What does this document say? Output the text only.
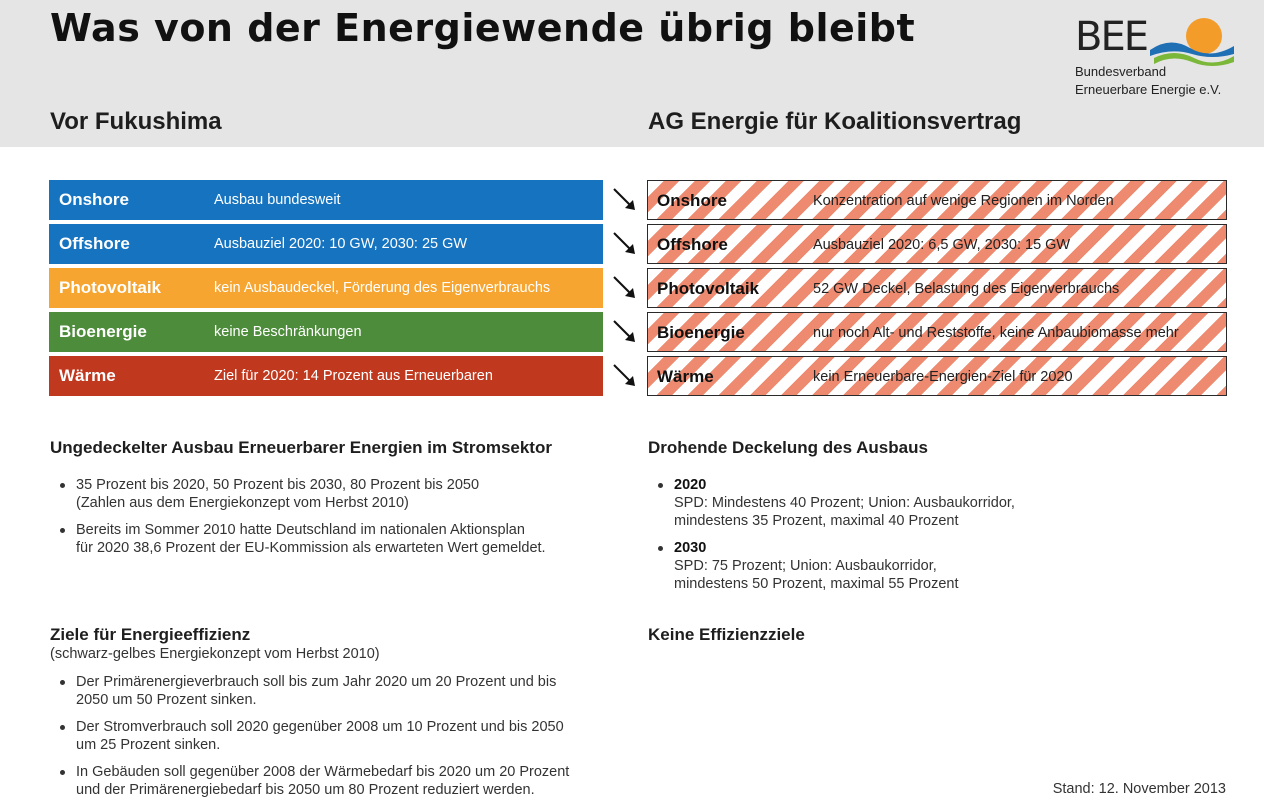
Was von der Energiewende übrig bleibt	BEE
Bundesverband
Erneuerbare Energie e.V.
Vor Fukushima	AG Energie für Koalitionsvertrag
Onshore	Ausbau bundesweit
Offshore	Ausbauziel 2020: 10 GW, 2030: 25 GW
Photovoltaik	kein Ausbaudeckel, Förderung des Eigenverbrauchs
Bioenergie	keine Beschränkungen
Wärme	Ziel für 2020: 14 Prozent aus Erneuerbaren
Onshore	Konzentration auf wenige Regionen im Norden
Offshore	Ausbauziel 2020: 6,5 GW, 2030: 15 GW
Photovoltaik	52 GW Deckel, Belastung des Eigenverbrauchs
Bioenergie	nur noch Alt- und Reststoffe, keine Anbaubiomasse mehr
Wärme	kein Erneuerbare-Energien-Ziel für 2020
Ungedeckelter Ausbau Erneuerbarer Energien im Stromsektor
35 Prozent bis 2020, 50 Prozent bis 2030, 80 Prozent bis 2050
(Zahlen aus dem Energiekonzept vom Herbst 2010)
Bereits im Sommer 2010 hatte Deutschland im nationalen Aktionsplan
für 2020 38,6 Prozent der EU-Kommission als erwarteten Wert gemeldet.
Drohende Deckelung des Ausbaus
2020
SPD: Mindestens 40 Prozent; Union: Ausbaukorridor,
mindestens 35 Prozent, maximal 40 Prozent
2030
SPD: 75 Prozent; Union: Ausbaukorridor,
mindestens 50 Prozent, maximal 55 Prozent
Ziele für Energieeffizienz
(schwarz-gelbes Energiekonzept vom Herbst 2010)
Der Primärenergieverbrauch soll bis zum Jahr 2020 um 20 Prozent und bis
2050 um 50 Prozent sinken.
Der Stromverbrauch soll 2020 gegenüber 2008 um 10 Prozent und bis 2050
um 25 Prozent sinken.
In Gebäuden soll gegenüber 2008 der Wärmebedarf bis 2020 um 20 Prozent
und der Primärenergiebedarf bis 2050 um 80 Prozent reduziert werden.
Keine Effizienzziele
Stand: 12. November 2013
